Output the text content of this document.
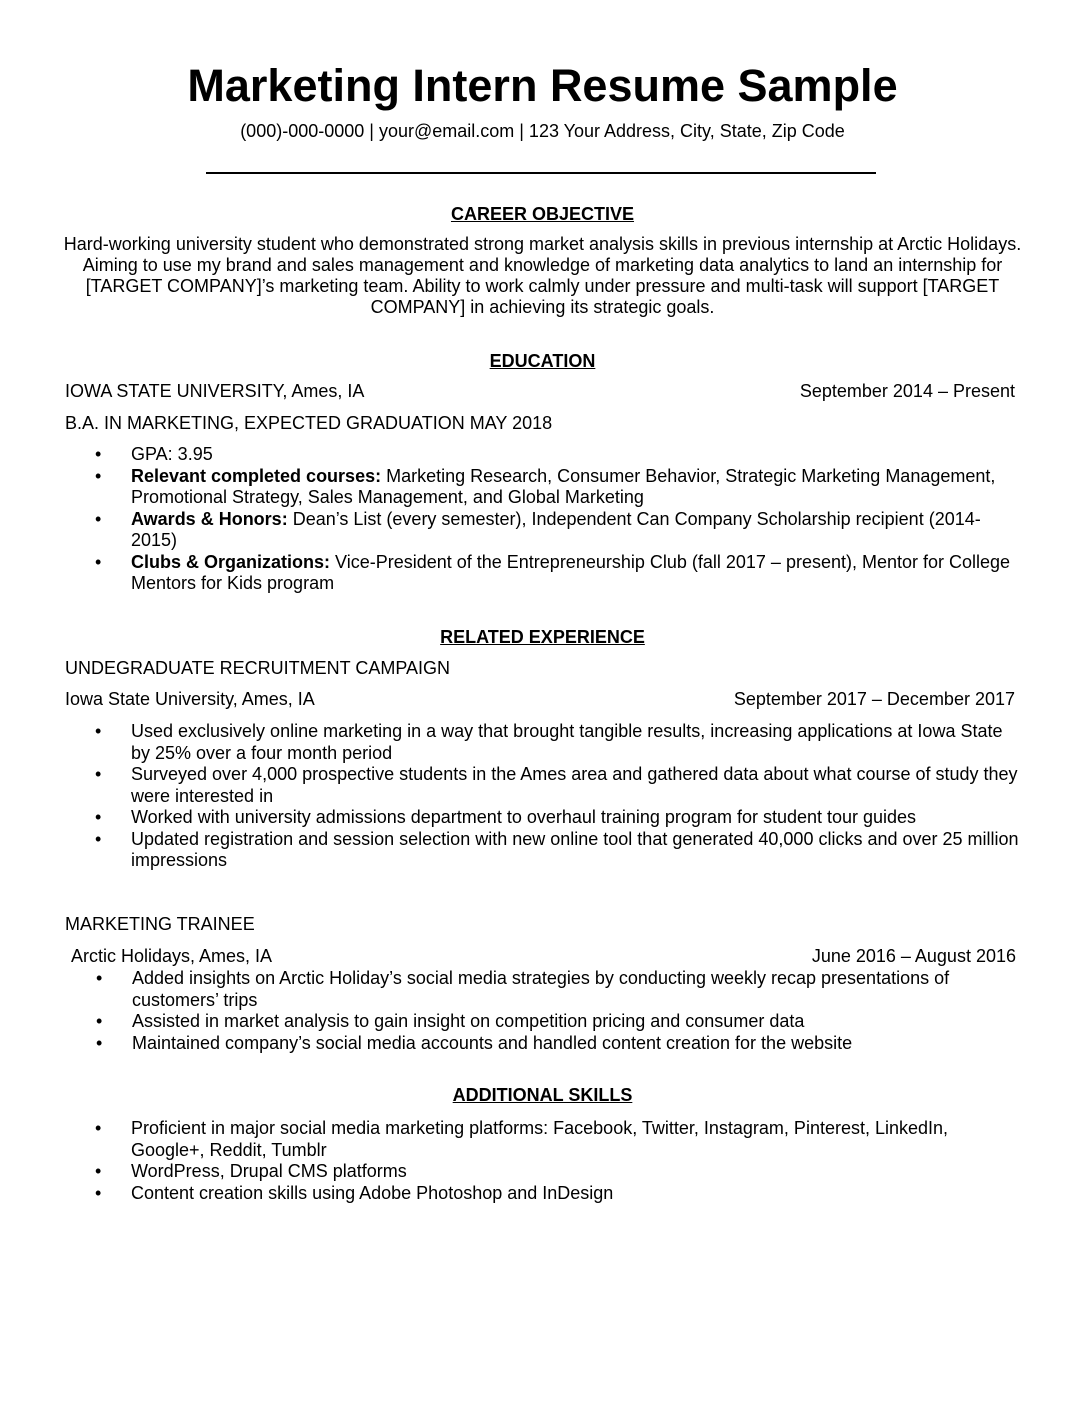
Marketing Intern Resume Sample
(000)-000-0000 | your@email.com | 123 Your Address, City, State, Zip Code
CAREER OBJECTIVE
Hard-working university student who demonstrated strong market analysis skills in previous internship at Arctic Holidays. Aiming to use my brand and sales management and knowledge of marketing data analytics to land an internship for [TARGET COMPANY]’s marketing team. Ability to work calmly under pressure and multi-task will support [TARGET COMPANY] in achieving its strategic goals.
EDUCATION
IOWA STATE UNIVERSITY, Ames, IA	September 2014 – Present
B.A. IN MARKETING, EXPECTED GRADUATION MAY 2018
• GPA: 3.95
• Relevant completed courses: Marketing Research, Consumer Behavior, Strategic Marketing Management, Promotional Strategy, Sales Management, and Global Marketing
• Awards & Honors: Dean’s List (every semester), Independent Can Company Scholarship recipient (2014-2015)
• Clubs & Organizations: Vice-President of the Entrepreneurship Club (fall 2017 – present), Mentor for College Mentors for Kids program
RELATED EXPERIENCE
UNDEGRADUATE RECRUITMENT CAMPAIGN
Iowa State University, Ames, IA	September 2017 – December 2017
• Used exclusively online marketing in a way that brought tangible results, increasing applications at Iowa State by 25% over a four month period
• Surveyed over 4,000 prospective students in the Ames area and gathered data about what course of study they were interested in
• Worked with university admissions department to overhaul training program for student tour guides
• Updated registration and session selection with new online tool that generated 40,000 clicks and over 25 million impressions
MARKETING TRAINEE
Arctic Holidays, Ames, IA	June 2016 – August 2016
• Added insights on Arctic Holiday’s social media strategies by conducting weekly recap presentations of customers’ trips
• Assisted in market analysis to gain insight on competition pricing and consumer data
• Maintained company’s social media accounts and handled content creation for the website
ADDITIONAL SKILLS
• Proficient in major social media marketing platforms: Facebook, Twitter, Instagram, Pinterest, LinkedIn, Google+, Reddit, Tumblr
• WordPress, Drupal CMS platforms
• Content creation skills using Adobe Photoshop and InDesign
